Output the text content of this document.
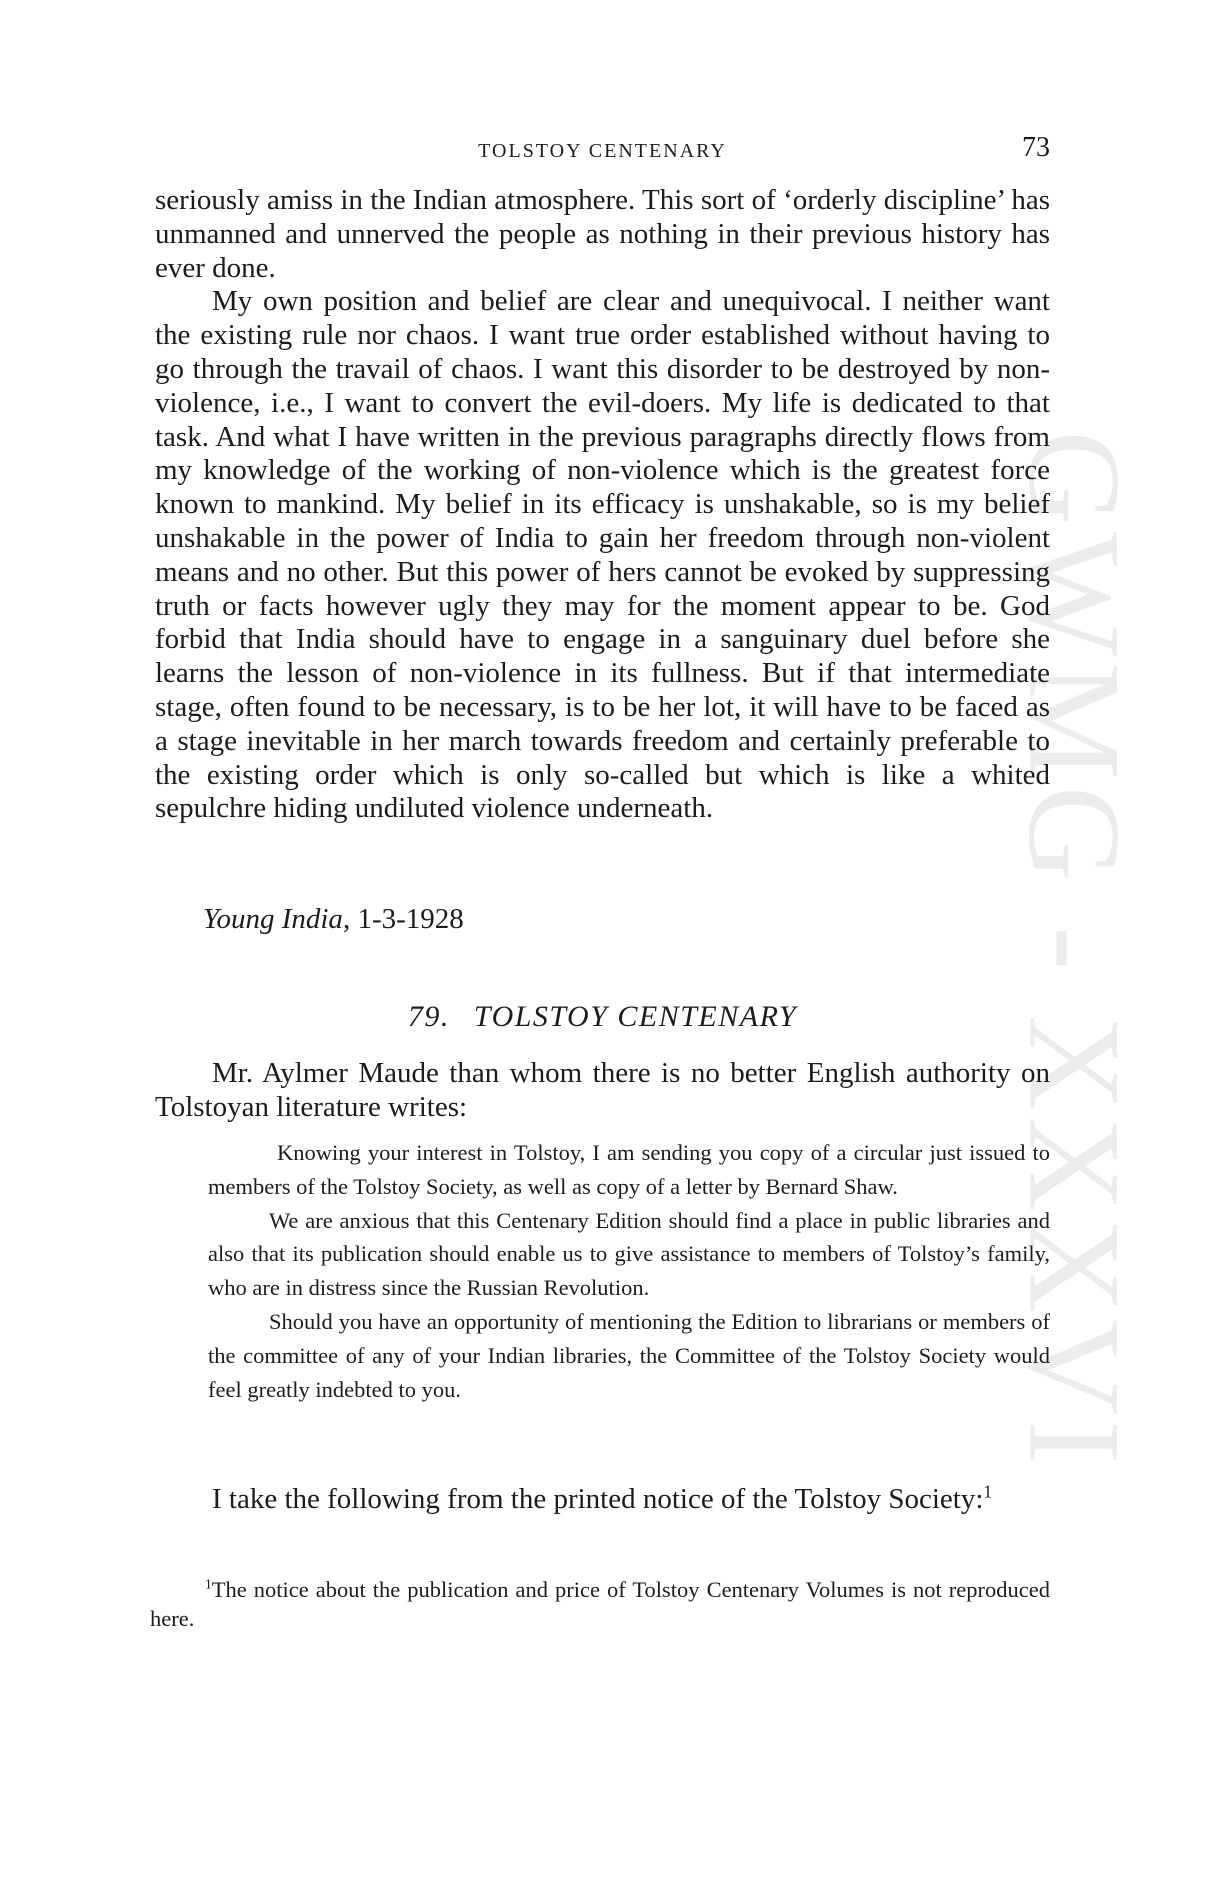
GWMG - XXXVI
TOLSTOY CENTENARY	73

seriously amiss in the Indian atmosphere. This sort of ‘orderly discipline’ has unmanned and unnerved the people as nothing in their previous history has ever done.

My own position and belief are clear and unequivocal. I neither want the existing rule nor chaos. I want true order established without having to go through the travail of chaos. I want this disorder to be destroyed by non-violence, i.e., I want to convert the evil-doers. My life is dedicated to that task. And what I have written in the previous paragraphs directly flows from my knowledge of the working of non-violence which is the greatest force known to mankind. My belief in its efficacy is unshakable, so is my belief unshakable in the power of India to gain her freedom through non-violent means and no other. But this power of hers cannot be evoked by suppressing truth or facts however ugly they may for the moment appear to be. God forbid that India should have to engage in a sanguinary duel before she learns the lesson of non-violence in its fullness. But if that intermediate stage, often found to be necessary, is to be her lot, it will have to be faced as a stage inevitable in her march towards freedom and certainly preferable to the existing order which is only so-called but which is like a whited sepulchre hiding undiluted violence underneath.

Young India, 1-3-1928
79. TOLSTOY CENTENARY

Mr. Aylmer Maude than whom there is no better English authority on Tolstoyan literature writes:

Knowing your interest in Tolstoy, I am sending you copy of a circular just issued to members of the Tolstoy Society, as well as copy of a letter by Bernard Shaw.

We are anxious that this Centenary Edition should find a place in public libraries and also that its publication should enable us to give assistance to members of Tolstoy’s family, who are in distress since the Russian Revolution.

Should you have an opportunity of mentioning the Edition to librarians or members of the committee of any of your Indian libraries, the Committee of the Tolstoy Society would feel greatly indebted to you.

I take the following from the printed notice of the Tolstoy Society:$^1$

$^1$The notice about the publication and price of Tolstoy Centenary Volumes is not reproduced here.
